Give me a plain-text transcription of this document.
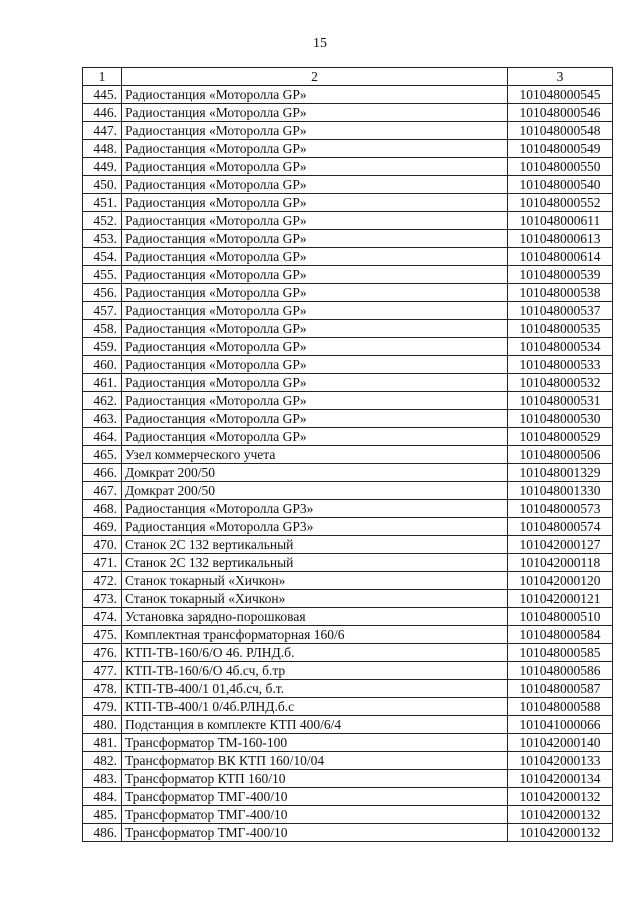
15
1	2	3
445.	Радиостанция «Моторолла GP»	101048000545
446.	Радиостанция «Моторолла GP»	101048000546
447.	Радиостанция «Моторолла GP»	101048000548
448.	Радиостанция «Моторолла GP»	101048000549
449.	Радиостанция «Моторолла GP»	101048000550
450.	Радиостанция «Моторолла GP»	101048000540
451.	Радиостанция «Моторолла GP»	101048000552
452.	Радиостанция «Моторолла GP»	101048000611
453.	Радиостанция «Моторолла GP»	101048000613
454.	Радиостанция «Моторолла GP»	101048000614
455.	Радиостанция «Моторолла GP»	101048000539
456.	Радиостанция «Моторолла GP»	101048000538
457.	Радиостанция «Моторолла GP»	101048000537
458.	Радиостанция «Моторолла GP»	101048000535
459.	Радиостанция «Моторолла GP»	101048000534
460.	Радиостанция «Моторолла GP»	101048000533
461.	Радиостанция «Моторолла GP»	101048000532
462.	Радиостанция «Моторолла GP»	101048000531
463.	Радиостанция «Моторолла GP»	101048000530
464.	Радиостанция «Моторолла GP»	101048000529
465.	Узел коммерческого учета	101048000506
466.	Домкрат 200/50	101048001329
467.	Домкрат 200/50	101048001330
468.	Радиостанция «Моторолла GP3»	101048000573
469.	Радиостанция «Моторолла GP3»	101048000574
470.	Станок 2С 132 вертикальный	101042000127
471.	Станок 2С 132 вертикальный	101042000118
472.	Станок токарный «Хичкон»	101042000120
473.	Станок токарный «Хичкон»	101042000121
474.	Установка зарядно-порошковая	101048000510
475.	Комплектная трансформаторная 160/6	101048000584
476.	КТП-ТВ-160/6/О 46. РЛНД.б.	101048000585
477.	КТП-ТВ-160/6/О 4б.сч, б.тр	101048000586
478.	КТП-ТВ-400/1 01,4б.сч, б.т.	101048000587
479.	КТП-ТВ-400/1 0/4б.РЛНД.б.с	101048000588
480.	Подстанция в комплекте КТП 400/6/4	101041000066
481.	Трансформатор ТМ-160-100	101042000140
482.	Трансформатор ВК КТП 160/10/04	101042000133
483.	Трансформатор КТП 160/10	101042000134
484.	Трансформатор ТМГ-400/10	101042000132
485.	Трансформатор ТМГ-400/10	101042000132
486.	Трансформатор ТМГ-400/10	101042000132
